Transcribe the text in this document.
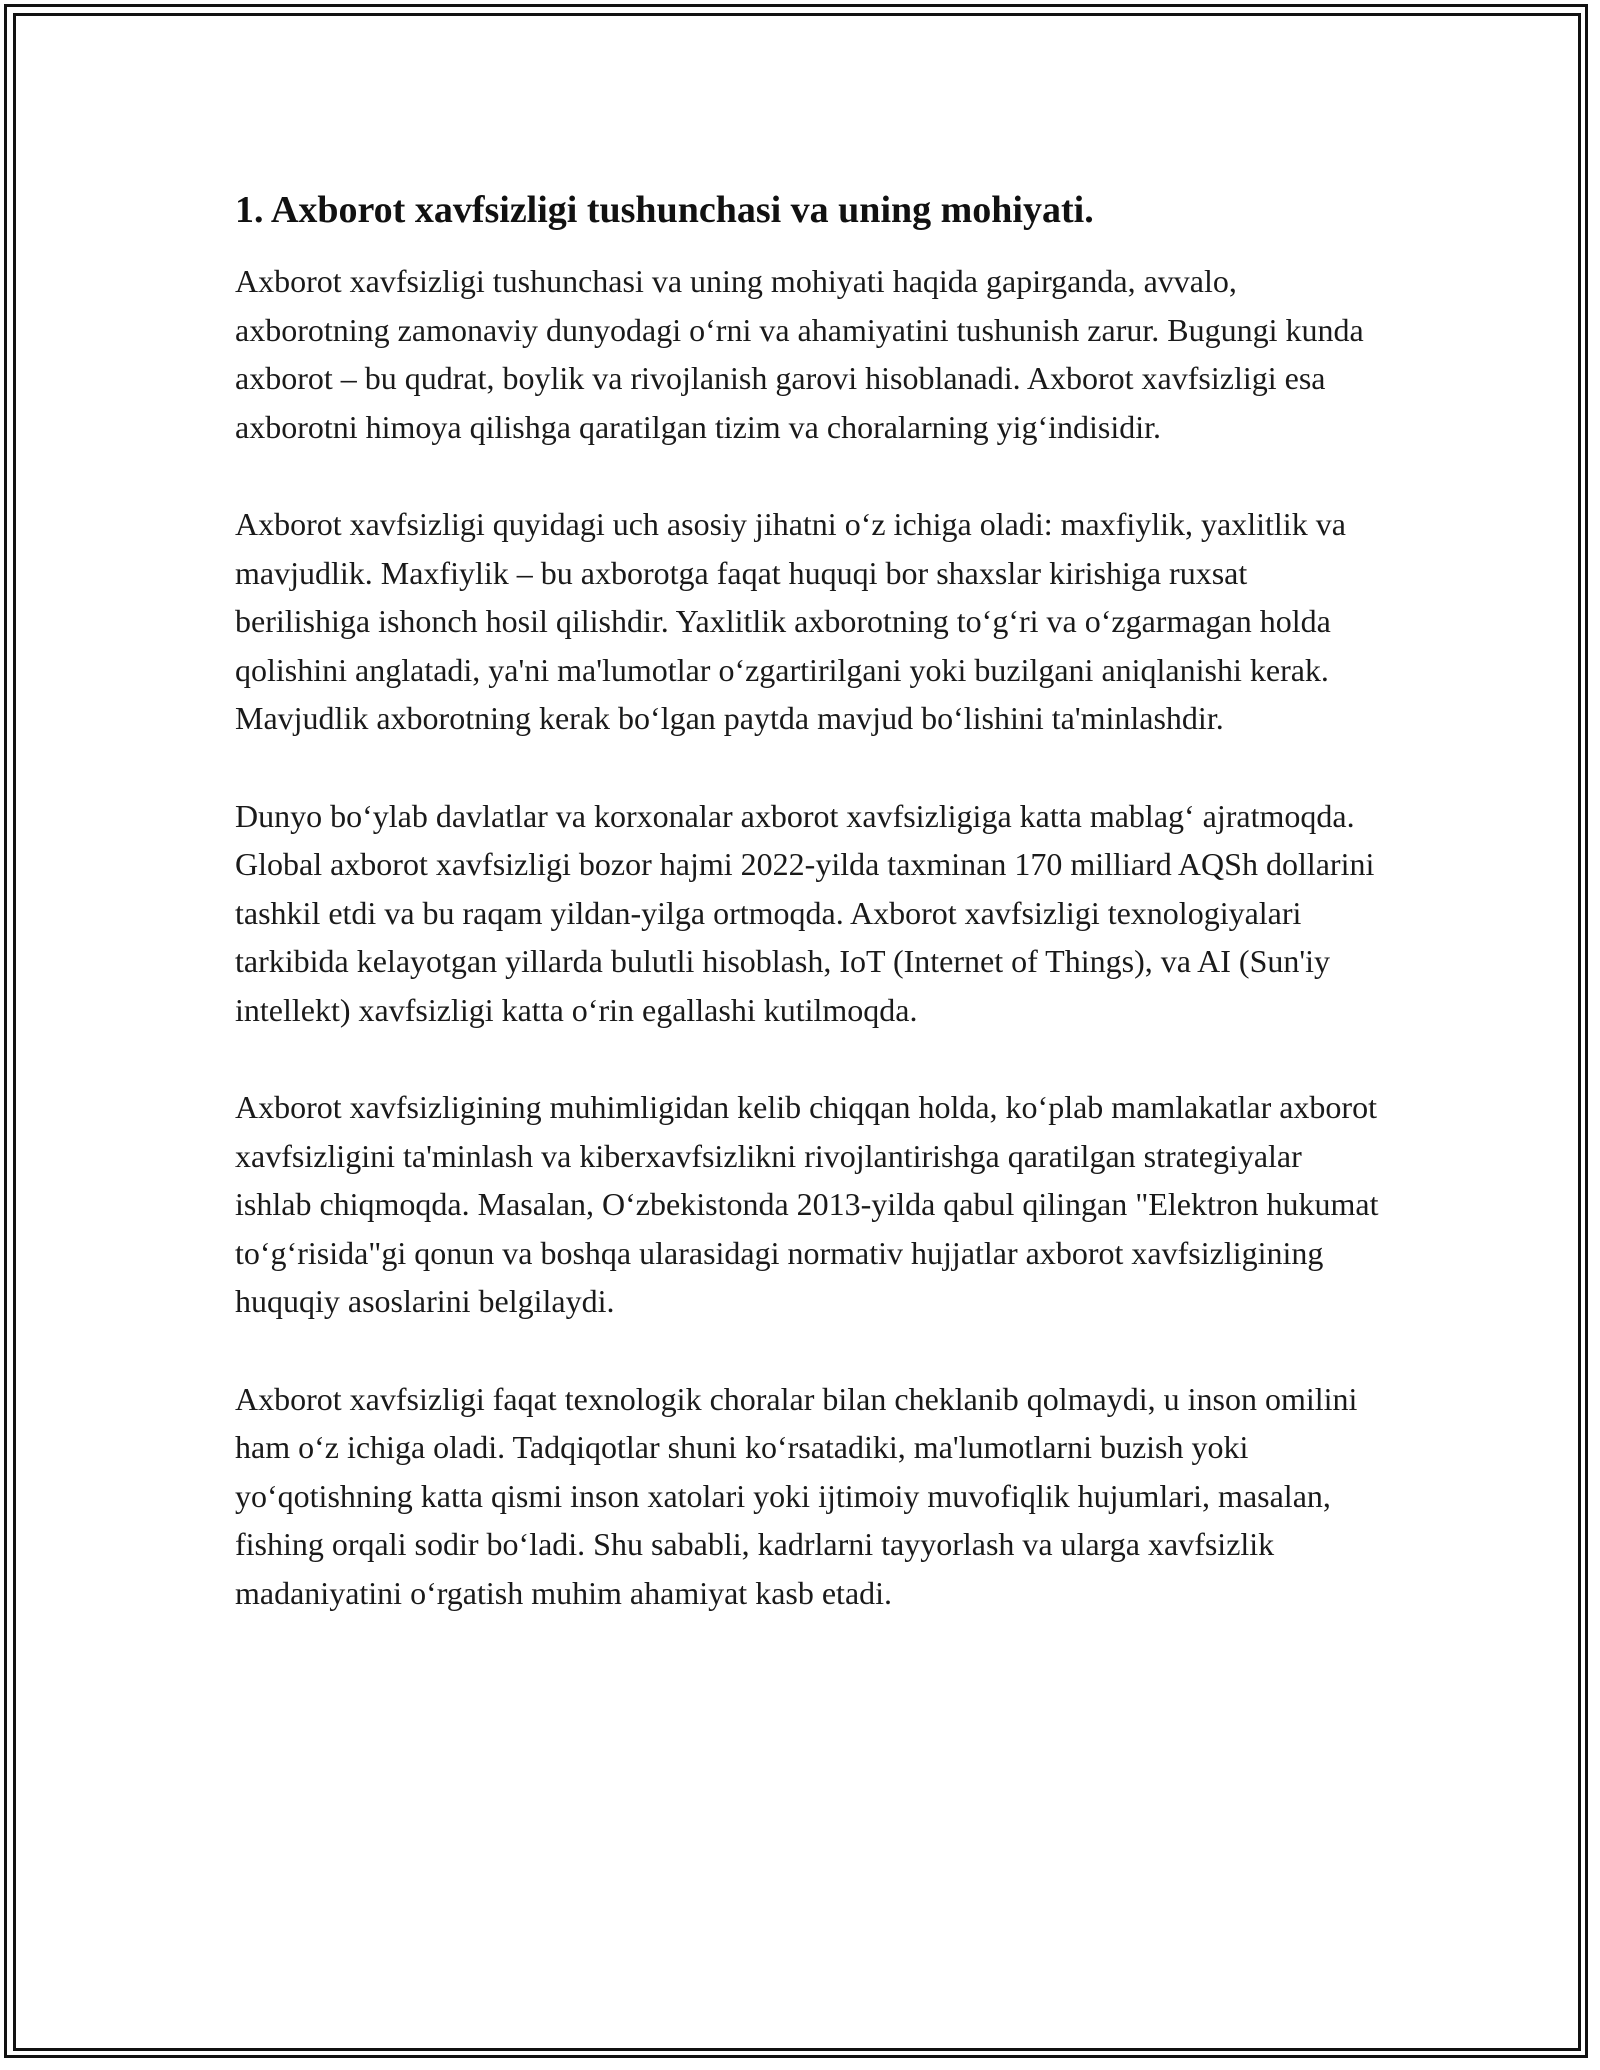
1. Axborot xavfsizligi tushunchasi va uning mohiyati.

Axborot xavfsizligi tushunchasi va uning mohiyati haqida gapirganda, avvalo, axborotning zamonaviy dunyodagi o‘rni va ahamiyatini tushunish zarur. Bugungi kunda axborot – bu qudrat, boylik va rivojlanish garovi hisoblanadi. Axborot xavfsizligi esa axborotni himoya qilishga qaratilgan tizim va choralarning yig‘indisidir.

Axborot xavfsizligi quyidagi uch asosiy jihatni o‘z ichiga oladi: maxfiylik, yaxlitlik va mavjudlik. Maxfiylik – bu axborotga faqat huquqi bor shaxslar kirishiga ruxsat berilishiga ishonch hosil qilishdir. Yaxlitlik axborotning to‘g‘ri va o‘zgarmagan holda qolishini anglatadi, ya'ni ma'lumotlar o‘zgartirilgani yoki buzilgani aniqlanishi kerak. Mavjudlik axborotning kerak bo‘lgan paytda mavjud bo‘lishini ta'minlashdir.

Dunyo bo‘ylab davlatlar va korxonalar axborot xavfsizligiga katta mablag‘ ajratmoqda. Global axborot xavfsizligi bozor hajmi 2022-yilda taxminan 170 milliard AQSh dollarini tashkil etdi va bu raqam yildan-yilga ortmoqda. Axborot xavfsizligi texnologiyalari tarkibida kelayotgan yillarda bulutli hisoblash, IoT (Internet of Things), va AI (Sun'iy intellekt) xavfsizligi katta o‘rin egallashi kutilmoqda.

Axborot xavfsizligining muhimligidan kelib chiqqan holda, ko‘plab mamlakatlar axborot xavfsizligini ta'minlash va kiberxavfsizlikni rivojlantirishga qaratilgan strategiyalar ishlab chiqmoqda. Masalan, O‘zbekistonda 2013-yilda qabul qilingan "Elektron hukumat to‘g‘risida"gi qonun va boshqa ularasidagi normativ hujjatlar axborot xavfsizligining huquqiy asoslarini belgilaydi.

Axborot xavfsizligi faqat texnologik choralar bilan cheklanib qolmaydi, u inson omilini ham o‘z ichiga oladi. Tadqiqotlar shuni ko‘rsatadiki, ma'lumotlarni buzish yoki yo‘qotishning katta qismi inson xatolari yoki ijtimoiy muvofiqlik hujumlari, masalan, fishing orqali sodir bo‘ladi. Shu sababli, kadrlarni tayyorlash va ularga xavfsizlik madaniyatini o‘rgatish muhim ahamiyat kasb etadi.
